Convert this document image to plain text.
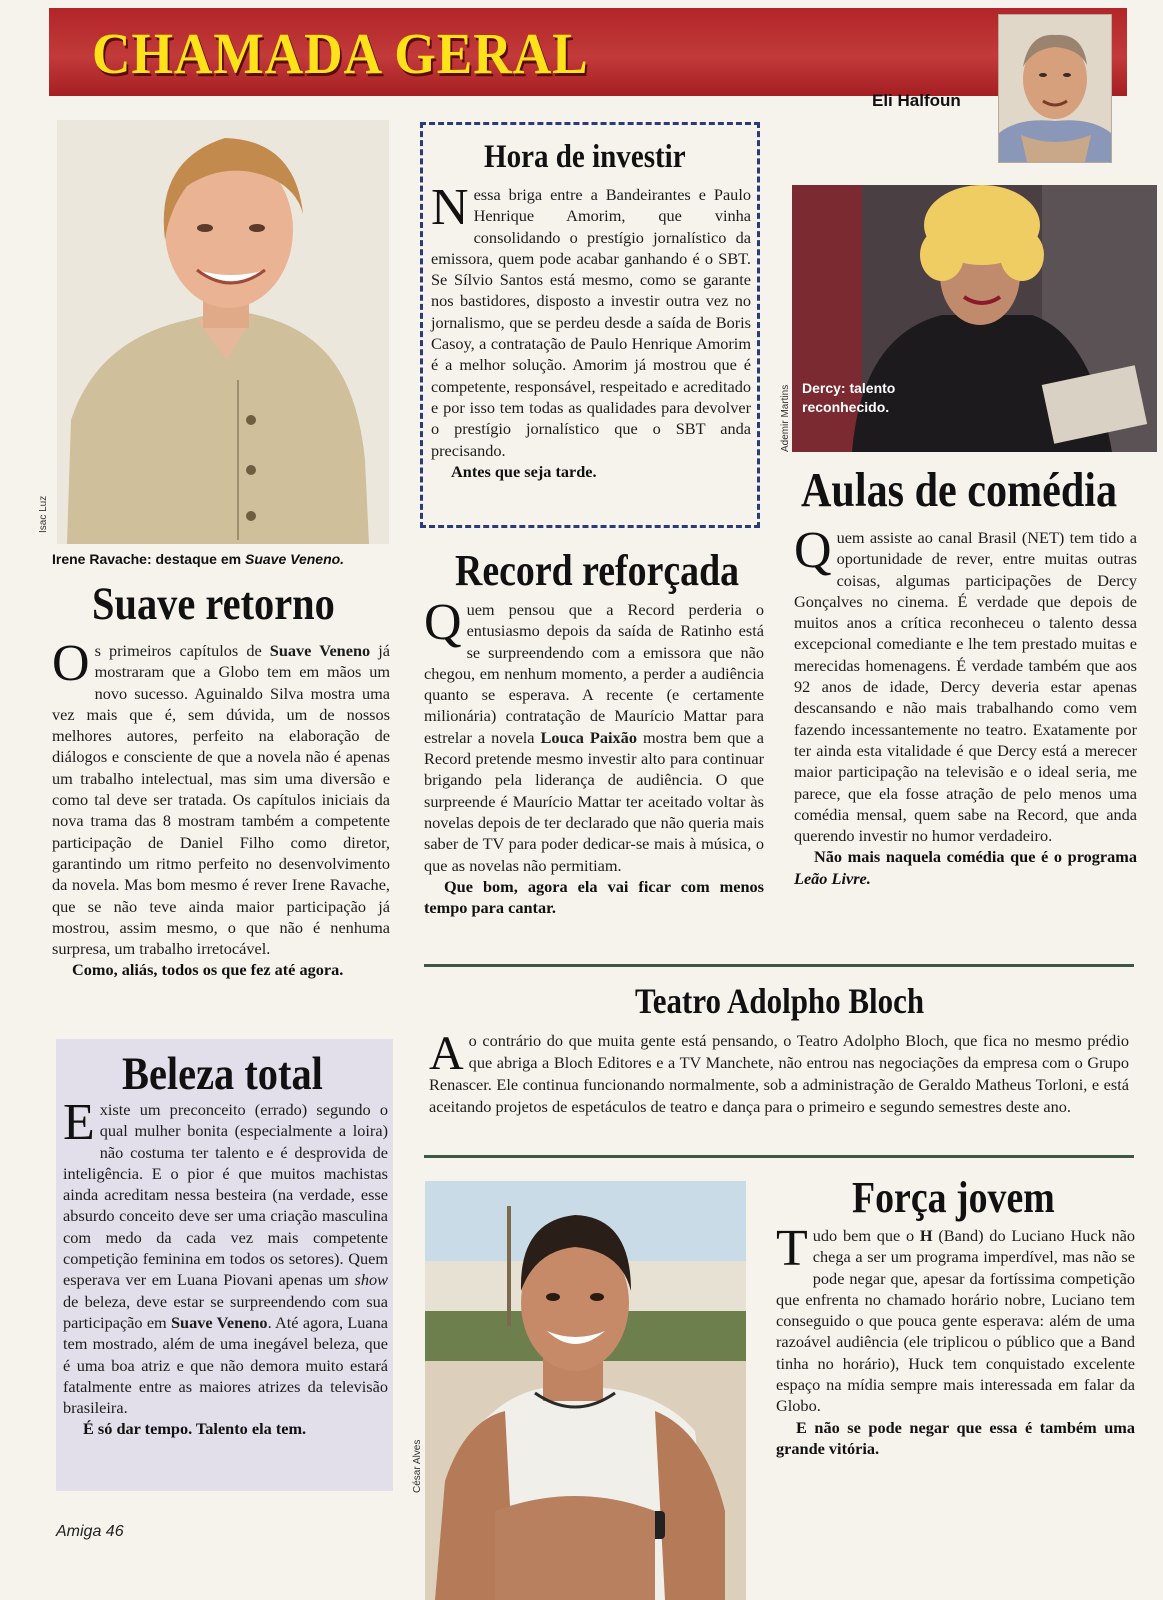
CHAMADA GERAL
Eli Halfoun
Isac Luz
Irene Ravache: destaque em Suave Veneno.
Suave retorno
Os primeiros capítulos de Suave Veneno já mostraram que a Globo tem em mãos um novo sucesso. Aguinaldo Silva mostra uma vez mais que é, sem dúvida, um de nossos melhores autores, perfeito na elaboração de diálogos e consciente de que a novela não é apenas um trabalho intelectual, mas sim uma diversão e como tal deve ser tratada. Os capítulos iniciais da nova trama das 8 mostram também a competente participação de Daniel Filho como diretor, garantindo um ritmo perfeito no desenvolvimento da novela. Mas bom mesmo é rever Irene Ravache, que se não teve ainda maior participação já mostrou, assim mesmo, o que não é nenhuma surpresa, um trabalho irretocável.
Como, aliás, todos os que fez até agora.
Hora de investir
Nessa briga entre a Bandeirantes e Paulo Henrique Amorim, que vinha consolidando o prestígio jornalístico da emissora, quem pode acabar ganhando é o SBT. Se Sílvio Santos está mesmo, como se garante nos bastidores, disposto a investir outra vez no jornalismo, que se perdeu desde a saída de Boris Casoy, a contratação de Paulo Henrique Amorim é a melhor solução. Amorim já mostrou que é competente, responsável, respeitado e acreditado e por isso tem todas as qualidades para devolver o prestígio jornalístico que o SBT anda precisando.
Antes que seja tarde.
Ademir Martins Dercy: talento reconhecido.
Aulas de comédia
Quem assiste ao canal Brasil (NET) tem tido a oportunidade de rever, entre muitas outras coisas, algumas participações de Dercy Gonçalves no cinema. É verdade que depois de muitos anos a crítica reconheceu o talento dessa excepcional comediante e lhe tem prestado muitas e merecidas homenagens. É verdade também que aos 92 anos de idade, Dercy deveria estar apenas descansando e não mais trabalhando como vem fazendo incessantemente no teatro. Exatamente por ter ainda esta vitalidade é que Dercy está a merecer maior participação na televisão e o ideal seria, me parece, que ela fosse atração de pelo menos uma comédia mensal, quem sabe na Record, que anda querendo investir no humor verdadeiro.
Não mais naquela comédia que é o programa Leão Livre.
Record reforçada
Quem pensou que a Record perderia o entusiasmo depois da saída de Ratinho está se surpreendendo com a emissora que não chegou, em nenhum momento, a perder a audiência quanto se esperava. A recente (e certamente milionária) contratação de Maurício Mattar para estrelar a novela Louca Paixão mostra bem que a Record pretende mesmo investir alto para continuar brigando pela liderança de audiência. O que surpreende é Maurício Mattar ter aceitado voltar às novelas depois de ter declarado que não queria mais saber de TV para poder dedicar-se mais à música, o que as novelas não permitiam.
Que bom, agora ela vai ficar com menos tempo para cantar.
Teatro Adolpho Bloch
Ao contrário do que muita gente está pensando, o Teatro Adolpho Bloch, que fica no mesmo prédio que abriga a Bloch Editores e a TV Manchete, não entrou nas negociações da empresa com o Grupo Renascer. Ele continua funcionando normalmente, sob a administração de Geraldo Matheus Torloni, e está aceitando projetos de espetáculos de teatro e dança para o primeiro e segundo semestres deste ano.
Beleza total
Existe um preconceito (errado) segundo o qual mulher bonita (especialmente a loira) não costuma ter talento e é desprovida de inteligência. E o pior é que muitos machistas ainda acreditam nessa besteira (na verdade, esse absurdo conceito deve ser uma criação masculina com medo da cada vez mais competente competição feminina em todos os setores). Quem esperava ver em Luana Piovani apenas um show de beleza, deve estar se surpreendendo com sua participação em Suave Veneno. Até agora, Luana tem mostrado, além de uma inegável beleza, que é uma boa atriz e que não demora muito estará fatalmente entre as maiores atrizes da televisão brasileira.
É só dar tempo. Talento ela tem.
César Alves
Força jovem
Tudo bem que o H (Band) do Luciano Huck não chega a ser um programa imperdível, mas não se pode negar que, apesar da fortíssima competição que enfrenta no chamado horário nobre, Luciano tem conseguido o que pouca gente esperava: além de uma razoável audiência (ele triplicou o público que a Band tinha no horário), Huck tem conquistado excelente espaço na mídia sempre mais interessada em falar da Globo.
E não se pode negar que essa é também uma grande vitória.
Amiga 46
